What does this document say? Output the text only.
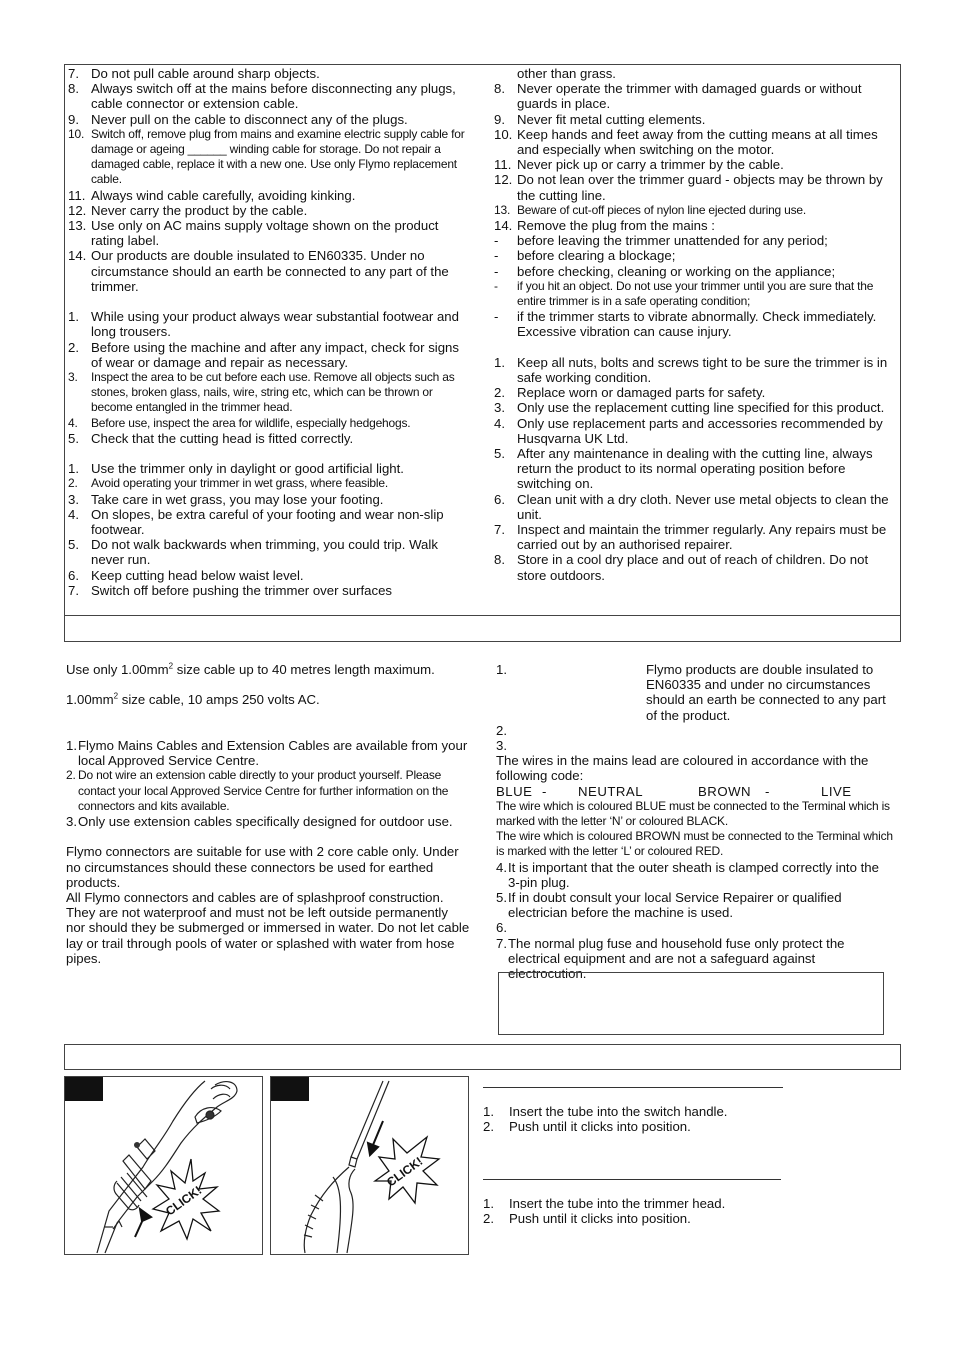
7. Do not pull cable around sharp objects.
8. Always switch off at the mains before disconnecting any plugs, cable connector or extension cable.
9. Never pull on the cable to disconnect any of the plugs.
10. Switch off, remove plug from mains and examine electric supply cable for damage or ageing ______ winding cable for storage. Do not repair a damaged cable, replace it with a new one. Use only Flymo replacement cable.
11. Always wind cable carefully, avoiding kinking.
12. Never carry the product by the cable.
13. Use only on AC mains supply voltage shown on the product rating label.
14. Our products are double insulated to EN60335. Under no circumstance should an earth be connected to any part of the trimmer.
1. While using your product always wear substantial footwear and long trousers.
2. Before using the machine and after any impact, check for signs of wear or damage and repair as necessary.
3.	Inspect the area to be cut before each use. Remove all objects such as stones, broken glass, nails, wire, string etc, which can be thrown or become entangled in the trimmer head.
4.	Before use, inspect the area for wildlife, especially hedgehogs.
5. Check that the cutting head is fitted correctly.
1. Use the trimmer only in daylight or good artificial light.
2.	Avoid operating your trimmer in wet grass, where feasible.
3. Take care in wet grass, you may lose your footing.
4. On slopes, be extra careful of your footing and wear non-slip footwear.
5. Do not walk backwards when trimming, you could trip. Walk never run.
6. Keep cutting head below waist level.
7. Switch off before pushing the trimmer over surfaces
other than grass.
8. Never operate the trimmer with damaged guards or without guards in place.
9. Never fit metal cutting elements.
10. Keep hands and feet away from the cutting means at all times and especially when switching on the motor.
11. Never pick up or carry a trimmer by the cable.
12. Do not lean over the trimmer guard - objects may be thrown by the cutting line.
13. Beware of cut-off pieces of nylon line ejected during use.
14. Remove the plug from the mains :
-	before leaving the trimmer unattended for any period;
-	before clearing a blockage;
-	before checking, cleaning or working on the appliance;
-	if you hit an object. Do not use your trimmer until you are sure that the entire trimmer is in a safe operating condition;
-	if the trimmer starts to vibrate abnormally. Check immediately. Excessive vibration can cause injury.
1. Keep all nuts, bolts and screws tight to be sure the trimmer is in safe working condition.
2. Replace worn or damaged parts for safety.
3. Only use the replacement cutting line specified for this product.
4. Only use replacement parts and accessories recommended by Husqvarna UK Ltd.
5. After any maintenance in dealing with the cutting line, always return the product to its normal operating position before switching on.
6. Clean unit with a dry cloth. Never use metal objects to clean the unit.
7. Inspect and maintain the trimmer regularly. Any repairs must be carried out by an authorised repairer.
8. Store in a cool dry place and out of reach of children. Do not store outdoors.

Use only $1.00mm^2$ size cable up to 40 metres length maximum.

$1.00mm^2$ size cable, 10 amps 250 volts AC.

1. Flymo Mains Cables and Extension Cables are available from your local Approved Service Centre.
2. Do not wire an extension cable directly to your product yourself. Please contact your local Approved Service Centre for further information on the connectors and kits available.
3. Only use extension cables specifically designed for outdoor use.

Flymo connectors are suitable for use with 2 core cable only. Under no circumstances should these connectors be used for earthed products.

All Flymo connectors and cables are of splashproof construction. They are not waterproof and must not be left outside permanently nor should they be submerged or immersed in water. Do not let cable lay or trail through pools of water or splashed with water from hose pipes.

1.	Flymo products are double insulated to EN60335 and under no circumstances should an earth be connected to any part of the product.
2.
3.

The wires in the mains lead are coloured in accordance with the following code:

BLUE -	NEUTRAL	BROWN	-	LIVE

The wire which is coloured BLUE must be connected to the Terminal which is marked with the letter ‘N’ or coloured BLACK.

The wire which is coloured BROWN must be connected to the Terminal which is marked with the letter ‘L’ or coloured RED.

4. It is important that the outer sheath is clamped correctly into the 3-pin plug.
5. If in doubt consult your local Service Repairer or qualified electrician before the machine is used.
6.
7. The normal plug fuse and household fuse only protect the electrical equipment and are not a safeguard against electrocution.
CLICK!
CLICK!
1.	Insert the tube into the switch handle.
2.	Push until it clicks into position.
1.	Insert the tube into the trimmer head.
2.	Push until it clicks into position.
